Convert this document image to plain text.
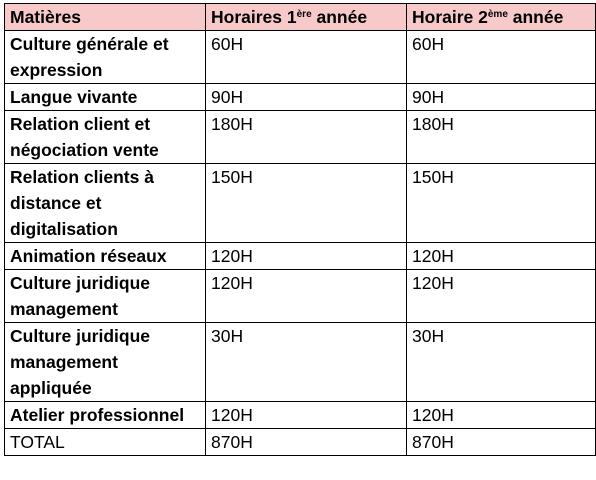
Matières	Horaires 1ère année	Horaire 2ème année
Culture générale et expression	60H	60H
Langue vivante	90H	90H
Relation client et négociation vente	180H	180H
Relation clients à distance et digitalisation	150H	150H
Animation réseaux	120H	120H
Culture juridique management	120H	120H
Culture juridique management appliquée	30H	30H
Atelier professionnel	120H	120H
TOTAL	870H	870H
